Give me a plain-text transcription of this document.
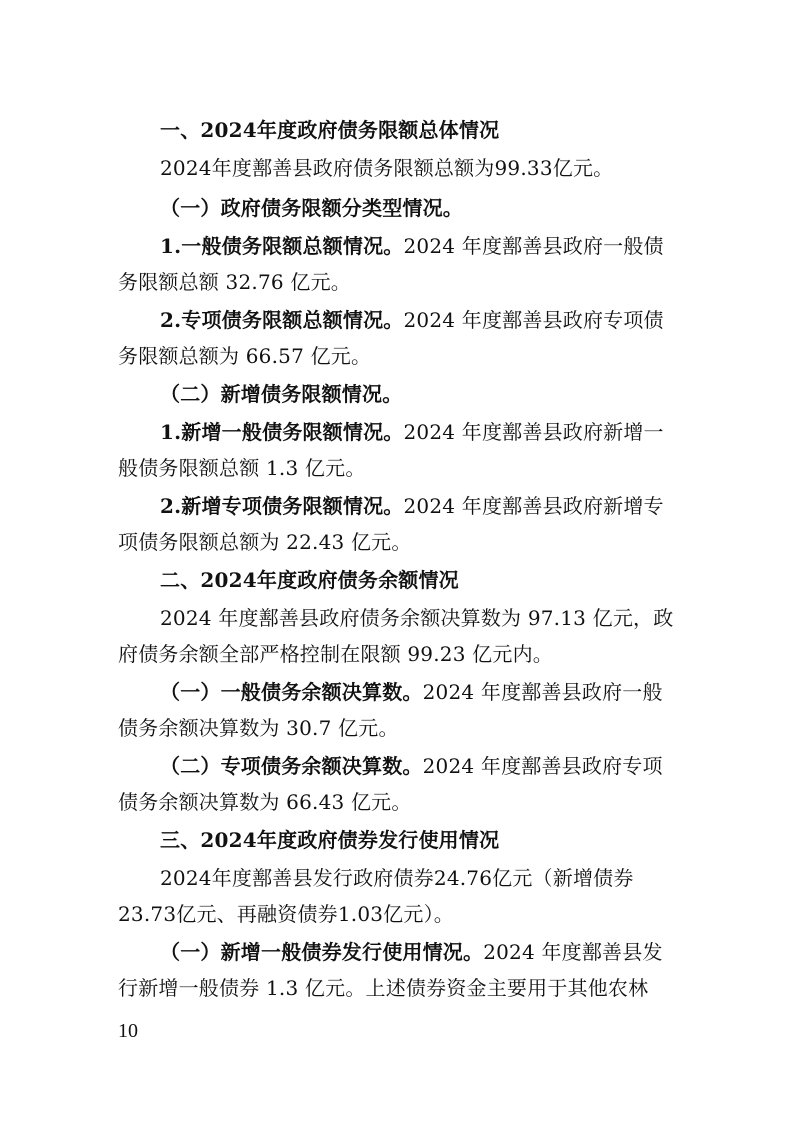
一、2024年度政府债务限额总体情况
2024年度鄯善县政府债务限额总额为99.33亿元。
（一）政府债务限额分类型情况。
1.一般债务限额总额情况。2024 年度鄯善县政府一般债
务限额总额 32.76 亿元。
2.专项债务限额总额情况。2024 年度鄯善县政府专项债
务限额总额为 66.57 亿元。
（二）新增债务限额情况。
1.新增一般债务限额情况。2024 年度鄯善县政府新增一
般债务限额总额 1.3 亿元。
2.新增专项债务限额情况。2024 年度鄯善县政府新增专
项债务限额总额为 22.43 亿元。
二、2024年度政府债务余额情况
2024 年度鄯善县政府债务余额决算数为 97.13 亿元，政
府债务余额全部严格控制在限额 99.23 亿元内。
（一）一般债务余额决算数。2024 年度鄯善县政府一般
债务余额决算数为 30.7 亿元。
（二）专项债务余额决算数。2024 年度鄯善县政府专项
债务余额决算数为 66.43 亿元。
三、2024年度政府债券发行使用情况
2024年度鄯善县发行政府债券24.76亿元（新增债券
23.73亿元、再融资债券1.03亿元）。
（一）新增一般债券发行使用情况。2024 年度鄯善县发
行新增一般债券 1.3 亿元。上述债券资金主要用于其他农林
10
